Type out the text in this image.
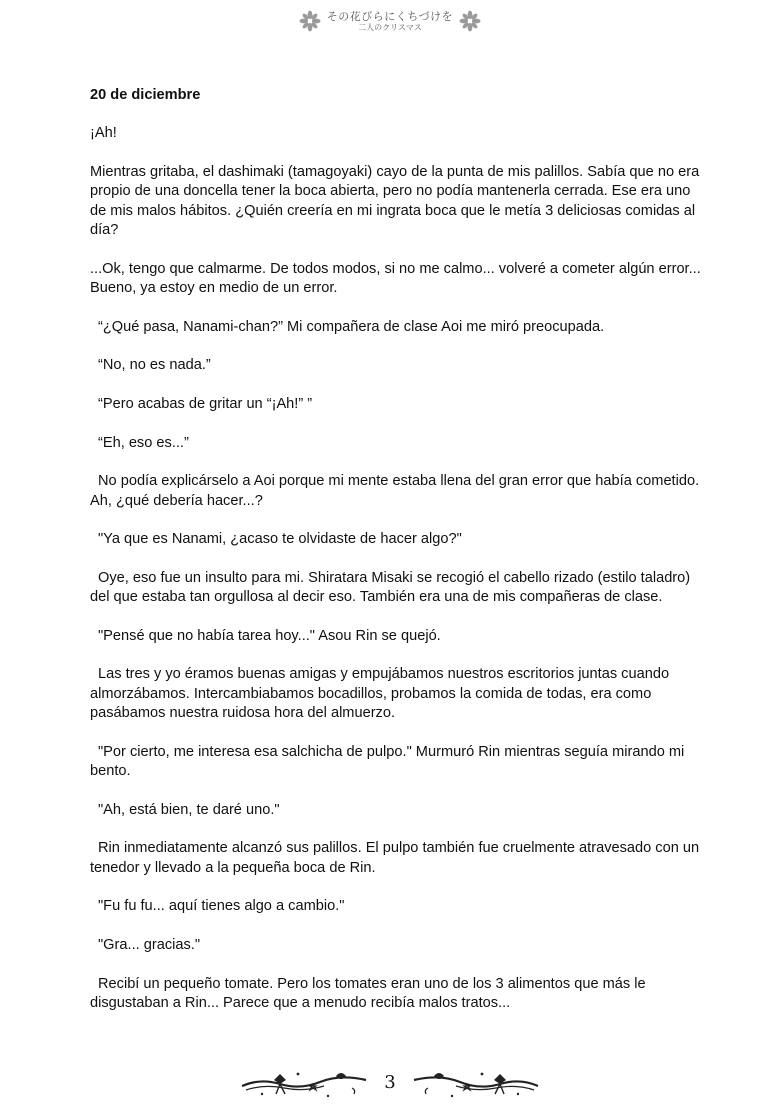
その花びらにくちづけを
二人のクリスマス

20 de diciembre

¡Ah!

Mientras gritaba, el dashimaki (tamagoyaki) cayo de la punta de mis palillos. Sabía que no era propio de una doncella tener la boca abierta, pero no podía mantenerla cerrada. Ese era uno de mis malos hábitos. ¿Quién creería en mi ingrata boca que le metía 3 deliciosas comidas al día?

...Ok, tengo que calmarme. De todos modos, si no me calmo... volveré a cometer algún error... Bueno, ya estoy en medio de un error.

“¿Qué pasa, Nanami-chan?” Mi compañera de clase Aoi me miró preocupada.

“No, no es nada.”

“Pero acabas de gritar un “¡Ah!” ”

“Eh, eso es...”

No podía explicárselo a Aoi porque mi mente estaba llena del gran error que había cometido. Ah, ¿qué debería hacer...?

"Ya que es Nanami, ¿acaso te olvidaste de hacer algo?"

Oye, eso fue un insulto para mi. Shiratara Misaki se recogió el cabello rizado (estilo taladro) del que estaba tan orgullosa al decir eso. También era una de mis compañeras de clase.

"Pensé que no había tarea hoy..." Asou Rin se quejó.

Las tres y yo éramos buenas amigas y empujábamos nuestros escritorios juntas cuando almorzábamos. Intercambiabamos bocadillos, probamos la comida de todas, era como pasábamos nuestra ruidosa hora del almuerzo.

"Por cierto, me interesa esa salchicha de pulpo." Murmuró Rin mientras seguía mirando mi bento.

"Ah, está bien, te daré uno."

Rin inmediatamente alcanzó sus palillos. El pulpo también fue cruelmente atravesado con un tenedor y llevado a la pequeña boca de Rin.

"Fu fu fu... aquí tienes algo a cambio."

"Gra... gracias."

Recibí un pequeño tomate. Pero los tomates eran uno de los 3 alimentos que más le disgustaban a Rin... Parece que a menudo recibía malos tratos...

3
